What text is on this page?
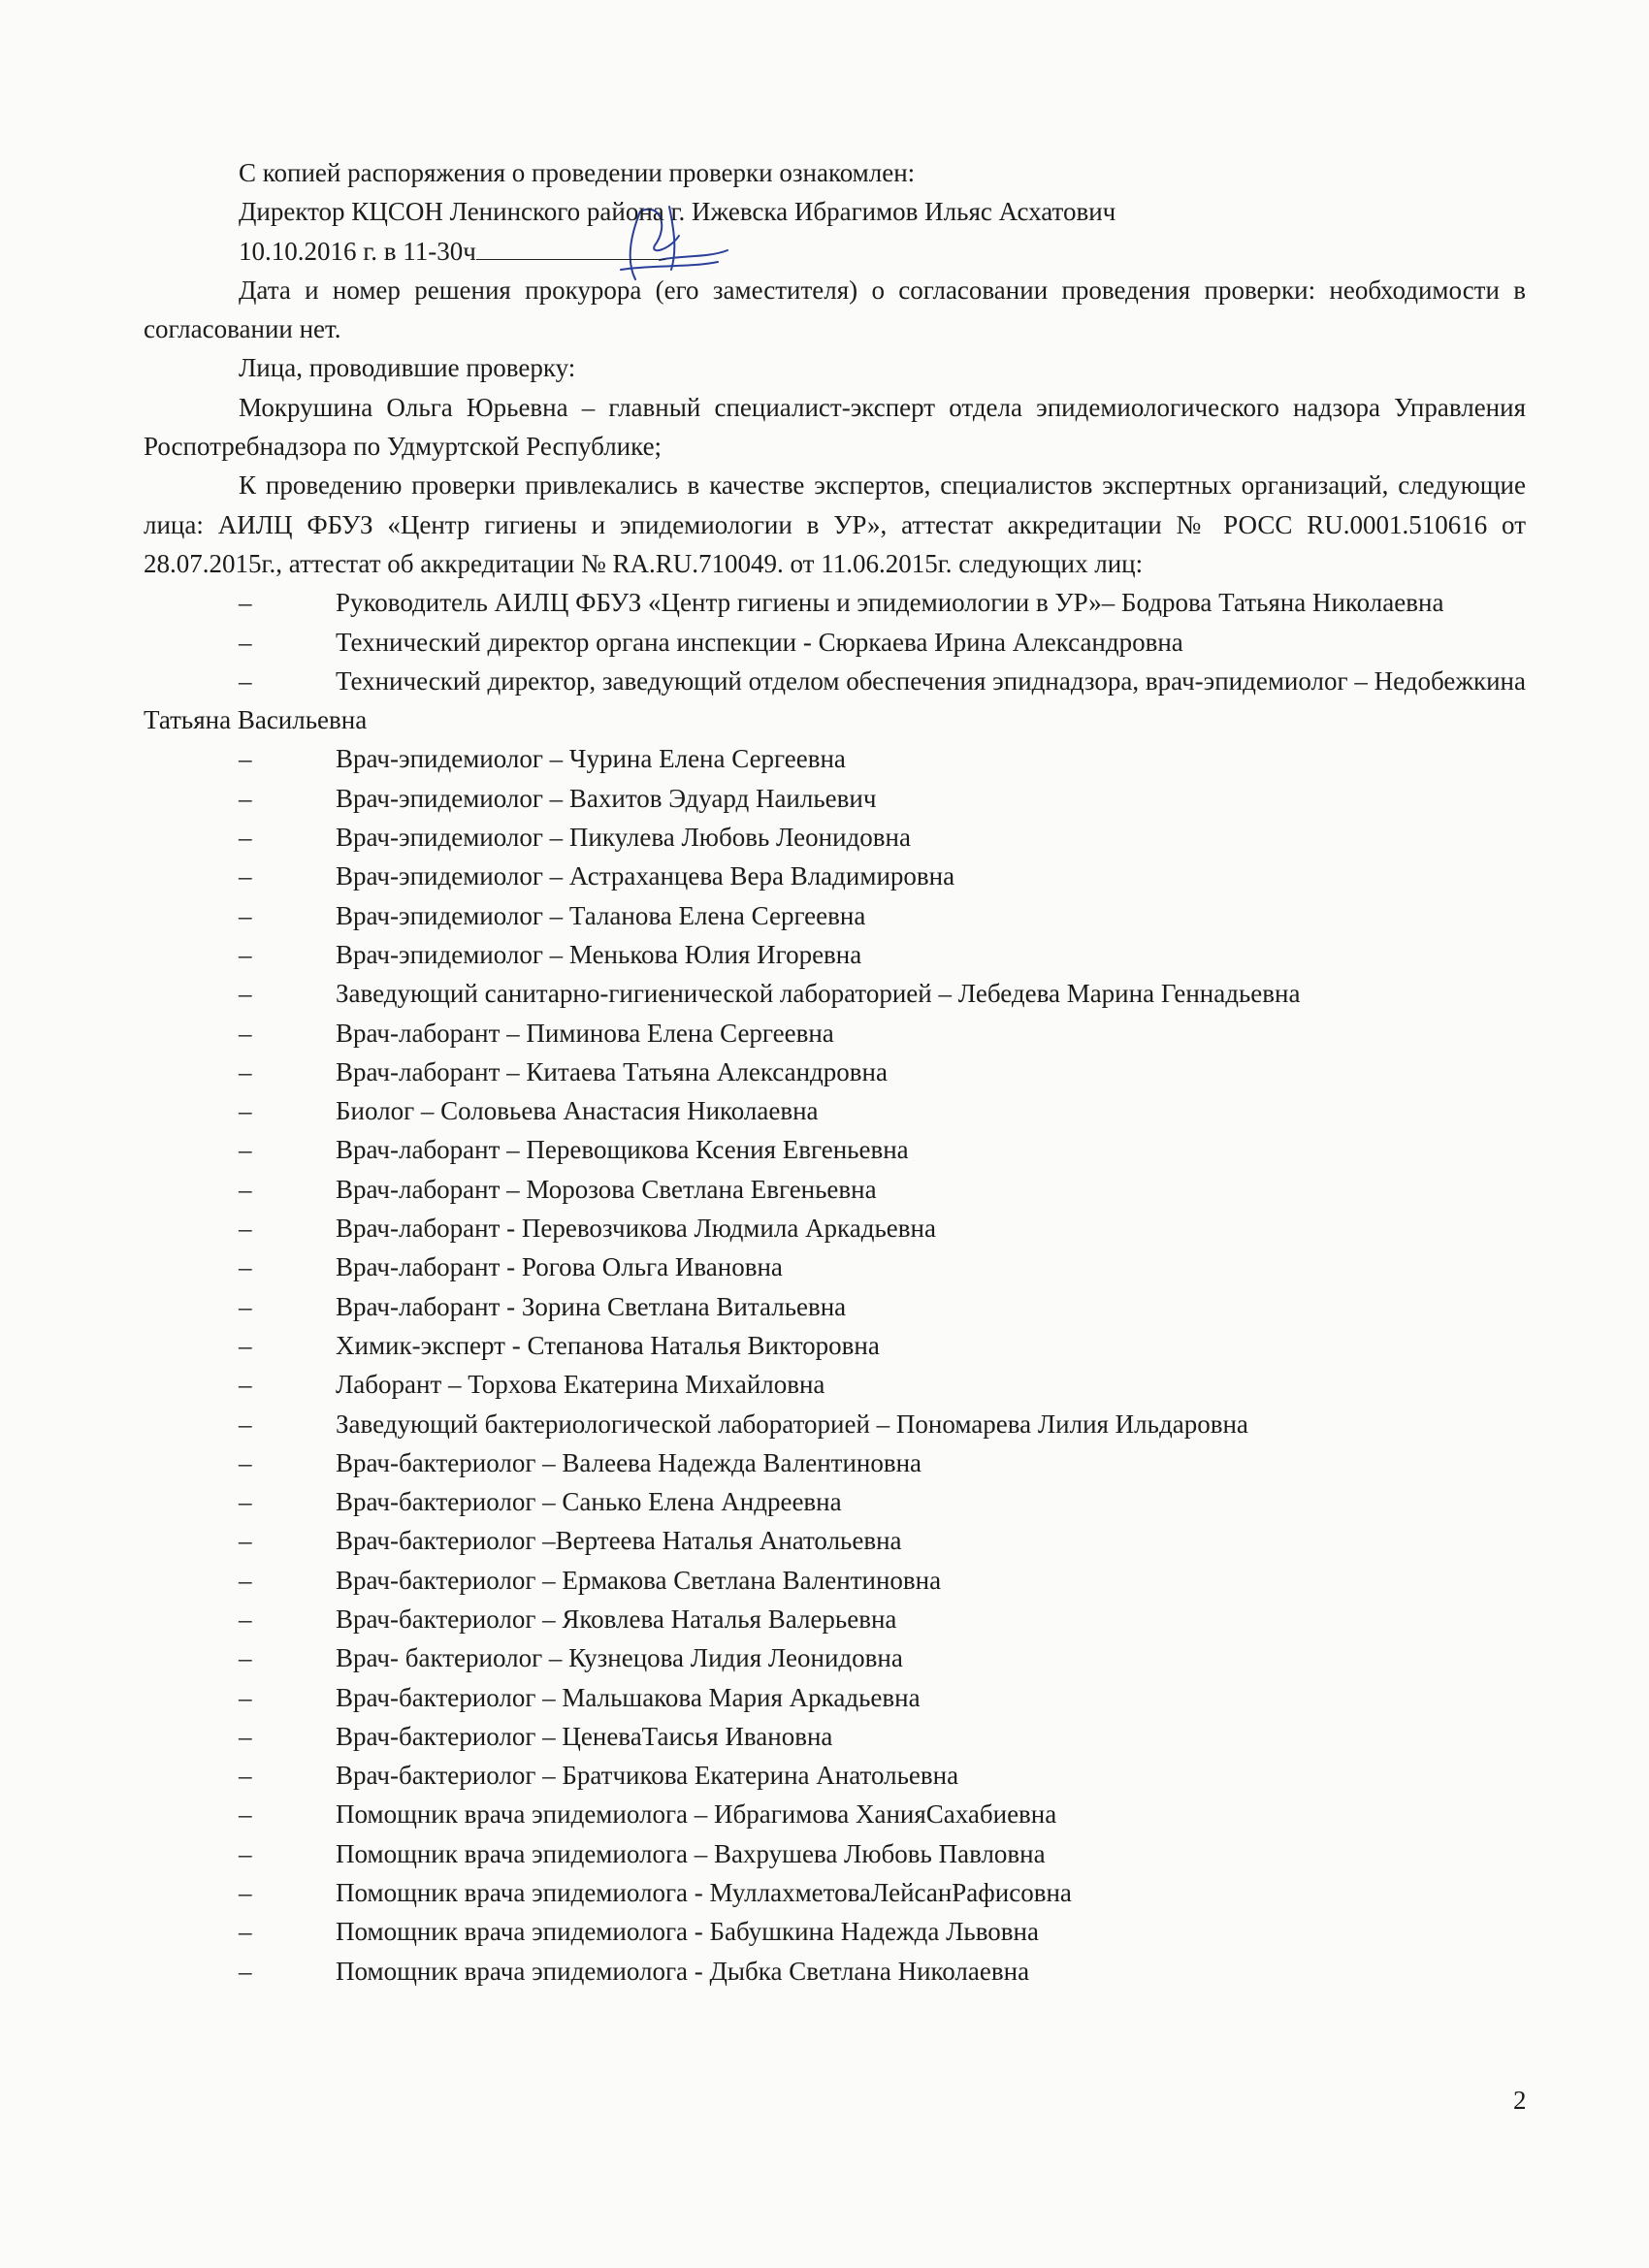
С копией распоряжения о проведении проверки ознакомлен:

Директор КЦСОН Ленинского района г. Ижевска Ибрагимов Ильяс Асхатович

10.10.2016 г. в 11-30ч

Дата и номер решения прокурора (его заместителя) о согласовании проведения проверки: необходимости в согласовании нет.

Лица, проводившие проверку:

Мокрушина Ольга Юрьевна – главный специалист-эксперт отдела эпидемиологического надзора Управления Роспотребнадзора по Удмуртской Республике;

К проведению проверки привлекались в качестве экспертов, специалистов экспертных организаций, следующие лица: АИЛЦ ФБУЗ «Центр гигиены и эпидемиологии в УР», аттестат аккредитации № РОСС RU.0001.510616 от 28.07.2015г., аттестат об аккредитации № RA.RU.710049. от 11.06.2015г. следующих лиц:

–	Руководитель АИЛЦ ФБУЗ «Центр гигиены и эпидемиологии в УР»– Бодрова Татьяна Николаевна

–	Технический директор органа инспекции - Сюркаева Ирина Александровна

–	Технический директор, заведующий отделом обеспечения эпиднадзора, врач-эпидемиолог – Недобежкина Татьяна Васильевна

–	Врач-эпидемиолог – Чурина Елена Сергеевна

–	Врач-эпидемиолог – Вахитов Эдуард Наильевич

–	Врач-эпидемиолог – Пикулева Любовь Леонидовна

–	Врач-эпидемиолог – Астраханцева Вера Владимировна

–	Врач-эпидемиолог – Таланова Елена Сергеевна

–	Врач-эпидемиолог – Менькова Юлия Игоревна

–	Заведующий санитарно-гигиенической лабораторией – Лебедева Марина Геннадьевна

–	Врач-лаборант – Пиминова Елена Сергеевна

–	Врач-лаборант – Китаева Татьяна Александровна

–	Биолог – Соловьева Анастасия Николаевна

–	Врач-лаборант – Перевощикова Ксения Евгеньевна

–	Врач-лаборант – Морозова Светлана Евгеньевна

–	Врач-лаборант - Перевозчикова Людмила Аркадьевна

–	Врач-лаборант - Рогова Ольга Ивановна

–	Врач-лаборант - Зорина Светлана Витальевна

–	Химик-эксперт - Степанова Наталья Викторовна

–	Лаборант – Торхова Екатерина Михайловна

–	Заведующий бактериологической лабораторией – Пономарева Лилия Ильдаровна

–	Врач-бактериолог – Валеева Надежда Валентиновна

–	Врач-бактериолог – Санько Елена Андреевна

–	Врач-бактериолог –Вертеева Наталья Анатольевна

–	Врач-бактериолог – Ермакова Светлана Валентиновна

–	Врач-бактериолог – Яковлева Наталья Валерьевна

–	Врач- бактериолог – Кузнецова Лидия Леонидовна

–	Врач-бактериолог – Мальшакова Мария Аркадьевна

–	Врач-бактериолог – ЦеневаТаисья Ивановна

–	Врач-бактериолог – Братчикова Екатерина Анатольевна

–	Помощник врача эпидемиолога – Ибрагимова ХанияСахабиевна

–	Помощник врача эпидемиолога – Вахрушева Любовь Павловна

–	Помощник врача эпидемиолога - МуллахметоваЛейсанРафисовна

–	Помощник врача эпидемиолога - Бабушкина Надежда Львовна

–	Помощник врача эпидемиолога - Дыбка Светлана Николаевна

2
